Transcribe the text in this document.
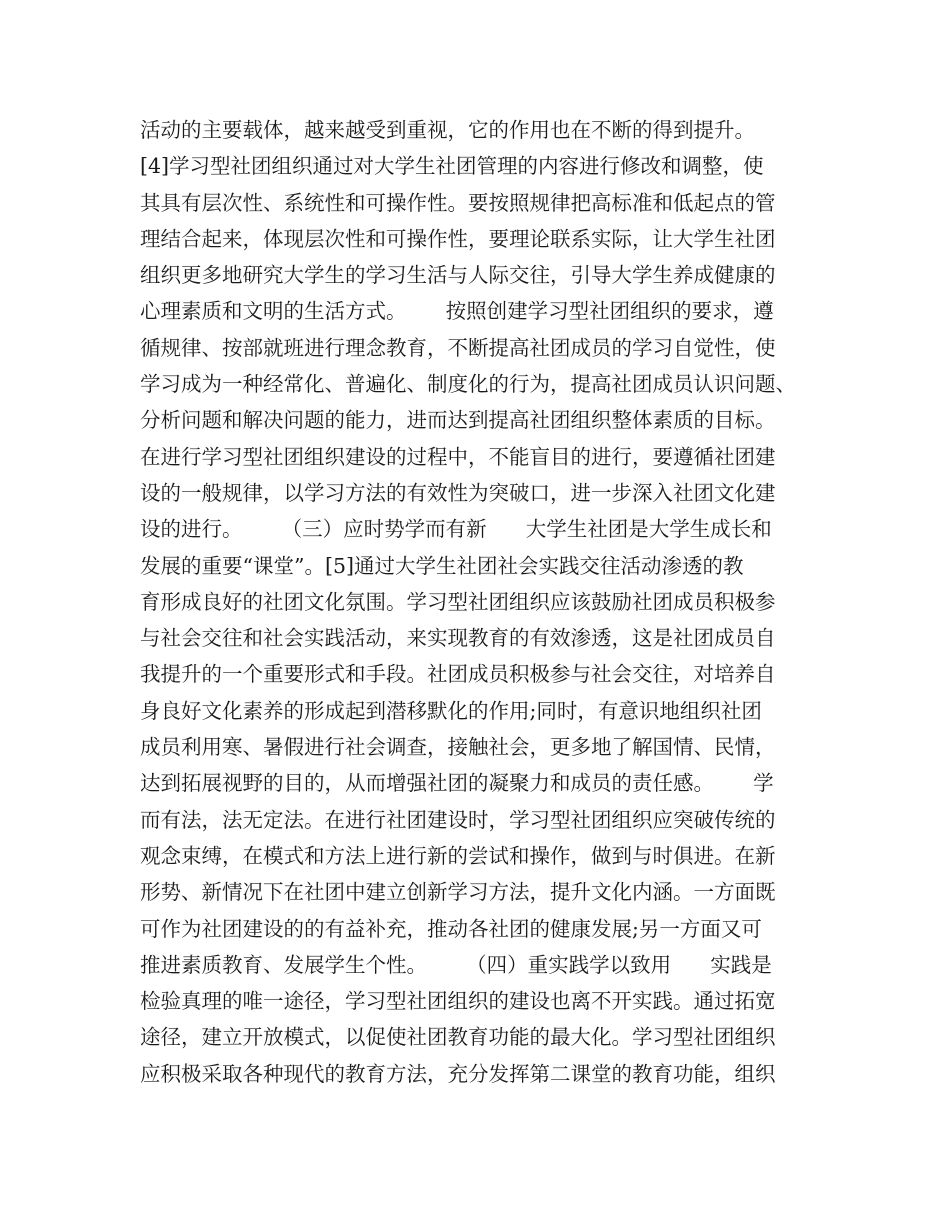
活动的主要载体，越来越受到重视，它的作用也在不断的得到提升。
[4]学习型社团组织通过对大学生社团管理的内容进行修改和调整，使
其具有层次性、系统性和可操作性。要按照规律把高标准和低起点的管
理结合起来，体现层次性和可操作性，要理论联系实际，让大学生社团
组织更多地研究大学生的学习生活与人际交往，引导大学生养成健康的
心理素质和文明的生活方式。      按照创建学习型社团组织的要求，遵
循规律、按部就班进行理念教育，不断提高社团成员的学习自觉性，使
学习成为一种经常化、普遍化、制度化的行为，提高社团成员认识问题、
分析问题和解决问题的能力，进而达到提高社团组织整体素质的目标。
在进行学习型社团组织建设的过程中，不能盲目的进行，要遵循社团建
设的一般规律，以学习方法的有效性为突破口，进一步深入社团文化建
设的进行。      （三）应时势学而有新      大学生社团是大学生成长和
发展的重要“课堂”。[5]通过大学生社团社会实践交往活动渗透的教
育形成良好的社团文化氛围。学习型社团组织应该鼓励社团成员积极参
与社会交往和社会实践活动，来实现教育的有效渗透，这是社团成员自
我提升的一个重要形式和手段。社团成员积极参与社会交往，对培养自
身良好文化素养的形成起到潜移默化的作用;同时，有意识地组织社团
成员利用寒、暑假进行社会调查，接触社会，更多地了解国情、民情，
达到拓展视野的目的，从而增强社团的凝聚力和成员的责任感。      学
而有法，法无定法。在进行社团建设时，学习型社团组织应突破传统的
观念束缚，在模式和方法上进行新的尝试和操作，做到与时俱进。在新
形势、新情况下在社团中建立创新学习方法，提升文化内涵。一方面既
可作为社团建设的的有益补充，推动各社团的健康发展;另一方面又可
推进素质教育、发展学生个性。      （四）重实践学以致用      实践是
检验真理的唯一途径，学习型社团组织的建设也离不开实践。通过拓宽
途径，建立开放模式，以促使社团教育功能的最大化。学习型社团组织
应积极采取各种现代的教育方法，充分发挥第二课堂的教育功能，组织
